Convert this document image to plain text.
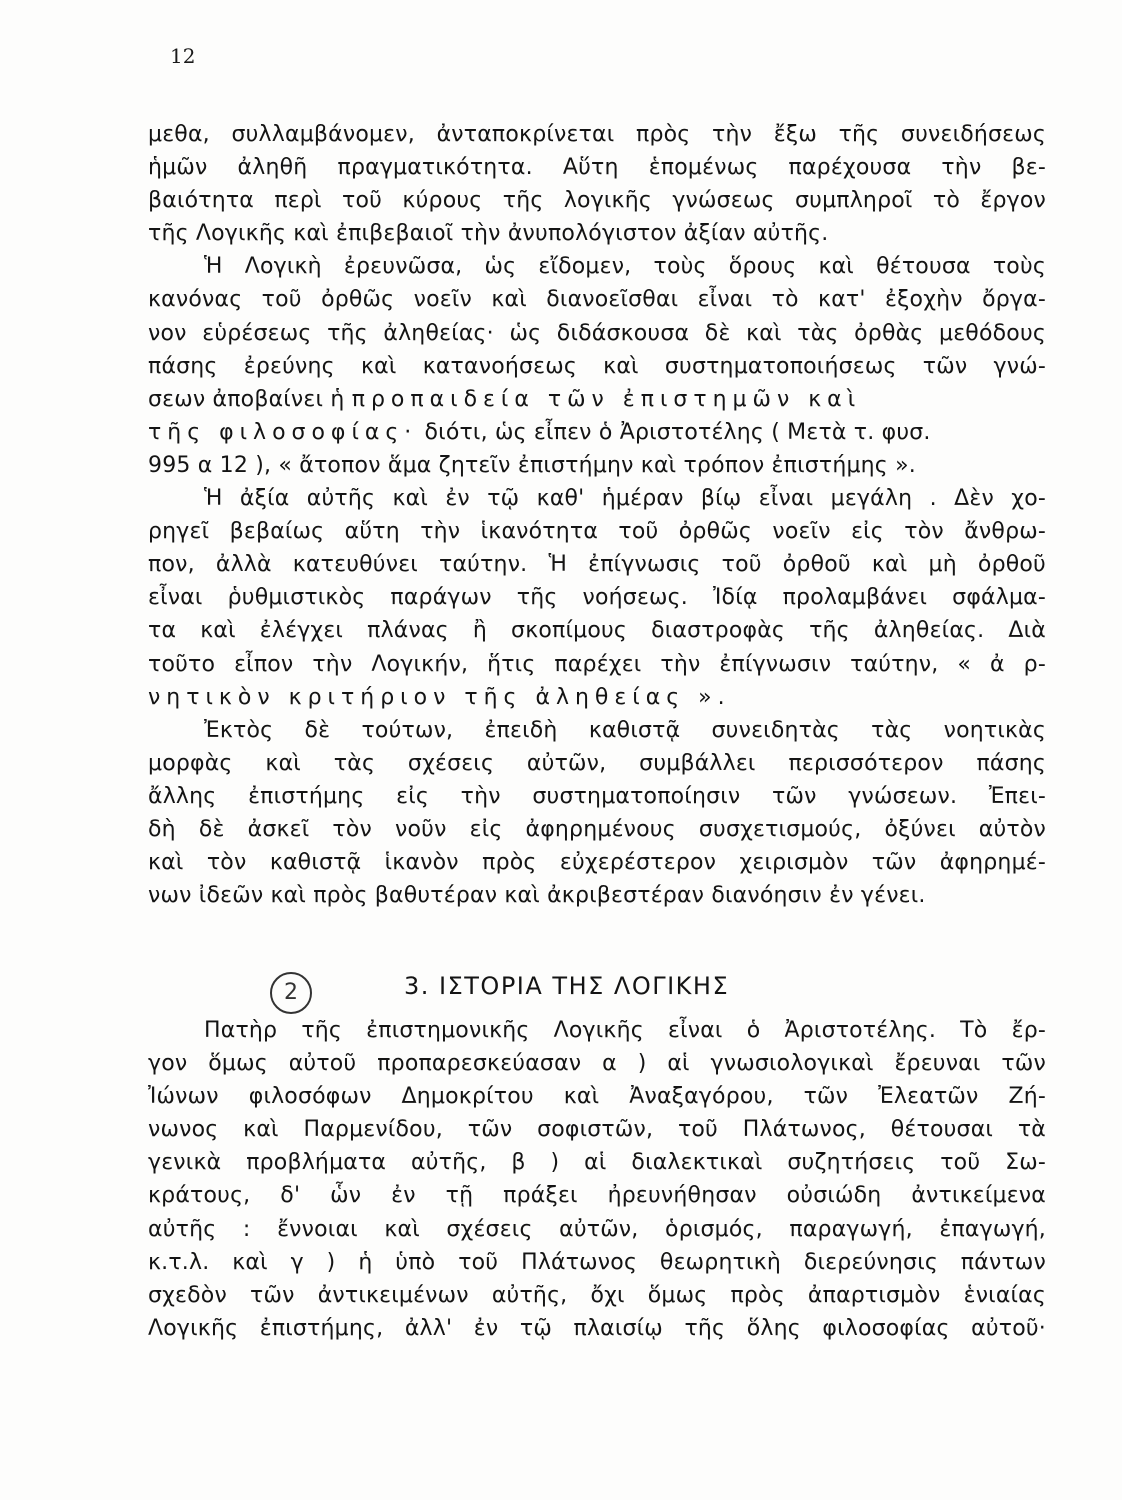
12
μεθα, συλλαμβάνομεν, ἀνταποκρίνεται πρὸς τὴν ἔξω τῆς συνειδήσεως
ἡμῶν ἀληθῆ πραγματικότητα. Αὕτη ἑπομένως παρέχουσα τὴν βε-
βαιότητα περὶ τοῦ κύρους τῆς λογικῆς γνώσεως συμπληροῖ τὸ ἔργον
τῆς Λογικῆς καὶ ἐπιβεβαιοῖ τὴν ἀνυπολόγιστον ἀξίαν αὐτῆς.
Ἡ Λογικὴ ἐρευνῶσα, ὡς εἴδομεν, τοὺς ὅρους καὶ θέτουσα τοὺς
κανόνας τοῦ ὀρθῶς νοεῖν καὶ διανοεῖσθαι εἶναι τὸ κατ' ἐξοχὴν ὄργα-
νον εὑρέσεως τῆς ἀληθείας· ὡς διδάσκουσα δὲ καὶ τὰς ὀρθὰς μεθόδους
πάσης ἐρεύνης καὶ κατανοήσεως καὶ συστηματοποιήσεως τῶν γνώ-
σεων ἀποβαίνει ἡ προπαιδεία τῶν ἐπιστημῶν καὶ
τῆς φιλοσοφίας· διότι, ὡς εἶπεν ὁ Ἀριστοτέλης ( Μετὰ τ. φυσ.
995 α 12 ), « ἄτοπον ἅμα ζητεῖν ἐπιστήμην καὶ τρόπον ἐπιστήμης ».
Ἡ ἀξία αὐτῆς καὶ ἐν τῷ καθ' ἡμέραν βίῳ εἶναι μεγάλη . Δὲν χο-
ρηγεῖ βεβαίως αὕτη τὴν ἱκανότητα τοῦ ὀρθῶς νοεῖν εἰς τὸν ἄνθρω-
πον, ἀλλὰ κατευθύνει ταύτην. Ἡ ἐπίγνωσις τοῦ ὀρθοῦ καὶ μὴ ὀρθοῦ
εἶναι ῥυθμιστικὸς παράγων τῆς νοήσεως. Ἰδίᾳ προλαμβάνει σφάλμα-
τα καὶ ἐλέγχει πλάνας ἢ σκοπίμους διαστροφὰς τῆς ἀληθείας. Διὰ
τοῦτο εἶπον τὴν Λογικήν, ἥτις παρέχει τὴν ἐπίγνωσιν ταύτην, « ἀ ρ-
νητικὸν κριτήριον τῆς ἀληθείας ».
Ἐκτὸς δὲ τούτων, ἐπειδὴ καθιστᾷ συνειδητὰς τὰς νοητικὰς
μορφὰς καὶ τὰς σχέσεις αὐτῶν, συμβάλλει περισσότερον πάσης
ἄλλης ἐπιστήμης εἰς τὴν συστηματοποίησιν τῶν γνώσεων. Ἐπει-
δὴ δὲ ἀσκεῖ τὸν νοῦν εἰς ἀφηρημένους συσχετισμούς, ὀξύνει αὐτὸν
καὶ τὸν καθιστᾷ ἱκανὸν πρὸς εὐχερέστερον χειρισμὸν τῶν ἀφηρημέ-
νων ἰδεῶν καὶ πρὸς βαθυτέραν καὶ ἀκριβεστέραν διανόησιν ἐν γένει.
2	3. ΙΣΤΟΡΙΑ ΤΗΣ ΛΟΓΙΚΗΣ
Πατὴρ τῆς ἐπιστημονικῆς Λογικῆς εἶναι ὁ Ἀριστοτέλης. Τὸ ἔρ-
γον ὅμως αὐτοῦ προπαρεσκεύασαν α ) αἱ γνωσιολογικαὶ ἔρευναι τῶν
Ἰώνων φιλοσόφων Δημοκρίτου καὶ Ἀναξαγόρου, τῶν Ἐλεατῶν Ζή-
νωνος καὶ Παρμενίδου, τῶν σοφιστῶν, τοῦ Πλάτωνος, θέτουσαι τὰ
γενικὰ προβλήματα αὐτῆς, β ) αἱ διαλεκτικαὶ συζητήσεις τοῦ Σω-
κράτους, δ' ὧν ἐν τῇ πράξει ἠρευνήθησαν οὐσιώδη ἀντικείμενα
αὐτῆς : ἔννοιαι καὶ σχέσεις αὐτῶν, ὁρισμός, παραγωγή, ἐπαγωγή,
κ.τ.λ. καὶ γ ) ἡ ὑπὸ τοῦ Πλάτωνος θεωρητικὴ διερεύνησις πάντων
σχεδὸν τῶν ἀντικειμένων αὐτῆς, ὄχι ὅμως πρὸς ἀπαρτισμὸν ἑνιαίας
Λογικῆς ἐπιστήμης, ἀλλ' ἐν τῷ πλαισίῳ τῆς ὅλης φιλοσοφίας αὐτοῦ·
